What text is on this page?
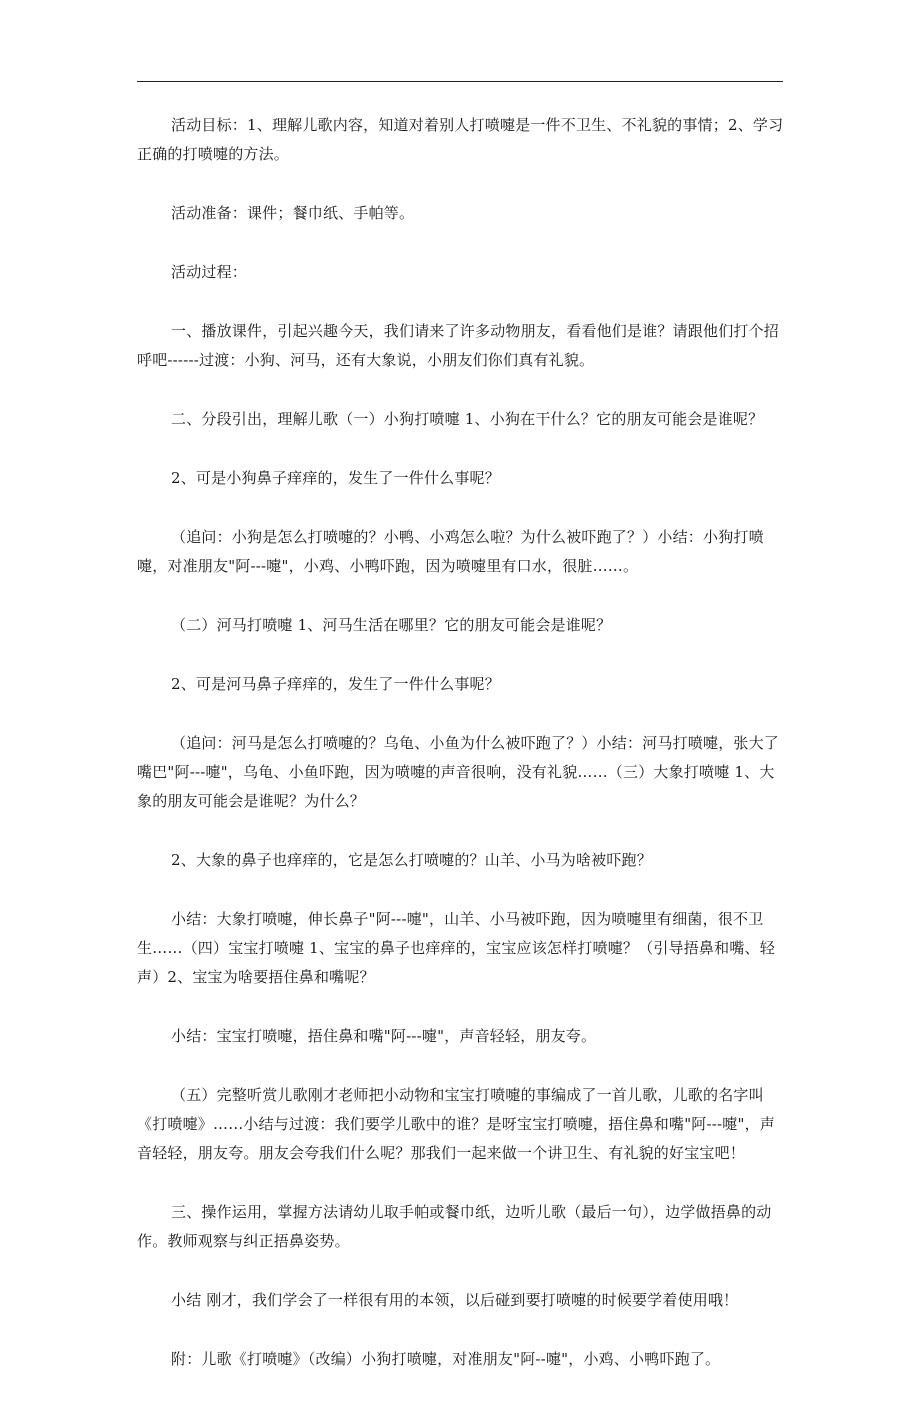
活动目标：1、理解儿歌内容，知道对着别人打喷嚏是一件不卫生、不礼貌的事情；2、学习正确的打喷嚏的方法。

活动准备：课件；餐巾纸、手帕等。

活动过程：

一、播放课件，引起兴趣今天，我们请来了许多动物朋友，看看他们是谁？请跟他们打个招呼吧------过渡：小狗、河马，还有大象说，小朋友们你们真有礼貌。

二、分段引出，理解儿歌（一）小狗打喷嚏 1、小狗在干什么？它的朋友可能会是谁呢？

2、可是小狗鼻子痒痒的，发生了一件什么事呢？

（追问：小狗是怎么打喷嚏的？小鸭、小鸡怎么啦？为什么被吓跑了？）小结：小狗打喷嚏，对准朋友"阿---嚏"，小鸡、小鸭吓跑，因为喷嚏里有口水，很脏……。

（二）河马打喷嚏 1、河马生活在哪里？它的朋友可能会是谁呢？

2、可是河马鼻子痒痒的，发生了一件什么事呢？

（追问：河马是怎么打喷嚏的？乌龟、小鱼为什么被吓跑了？）小结：河马打喷嚏，张大了嘴巴"阿---嚏"，乌龟、小鱼吓跑，因为喷嚏的声音很响，没有礼貌……（三）大象打喷嚏 1、大象的朋友可能会是谁呢？为什么？

2、大象的鼻子也痒痒的，它是怎么打喷嚏的？山羊、小马为啥被吓跑？

小结：大象打喷嚏，伸长鼻子"阿---嚏"，山羊、小马被吓跑，因为喷嚏里有细菌，很不卫生……（四）宝宝打喷嚏 1、宝宝的鼻子也痒痒的，宝宝应该怎样打喷嚏？（引导捂鼻和嘴、轻声）2、宝宝为啥要捂住鼻和嘴呢？

小结：宝宝打喷嚏，捂住鼻和嘴"阿---嚏"，声音轻轻，朋友夸。

（五）完整听赏儿歌刚才老师把小动物和宝宝打喷嚏的事编成了一首儿歌，儿歌的名字叫《打喷嚏》……小结与过渡：我们要学儿歌中的谁？是呀宝宝打喷嚏，捂住鼻和嘴"阿---嚏"，声音轻轻，朋友夸。朋友会夸我们什么呢？那我们一起来做一个讲卫生、有礼貌的好宝宝吧！

三、操作运用，掌握方法请幼儿取手帕或餐巾纸，边听儿歌（最后一句），边学做捂鼻的动作。教师观察与纠正捂鼻姿势。

小结 刚才，我们学会了一样很有用的本领，以后碰到要打喷嚏的时候要学着使用哦！

附：儿歌《打喷嚏》（改编）小狗打喷嚏，对准朋友"阿--嚏"，小鸡、小鸭吓跑了。
